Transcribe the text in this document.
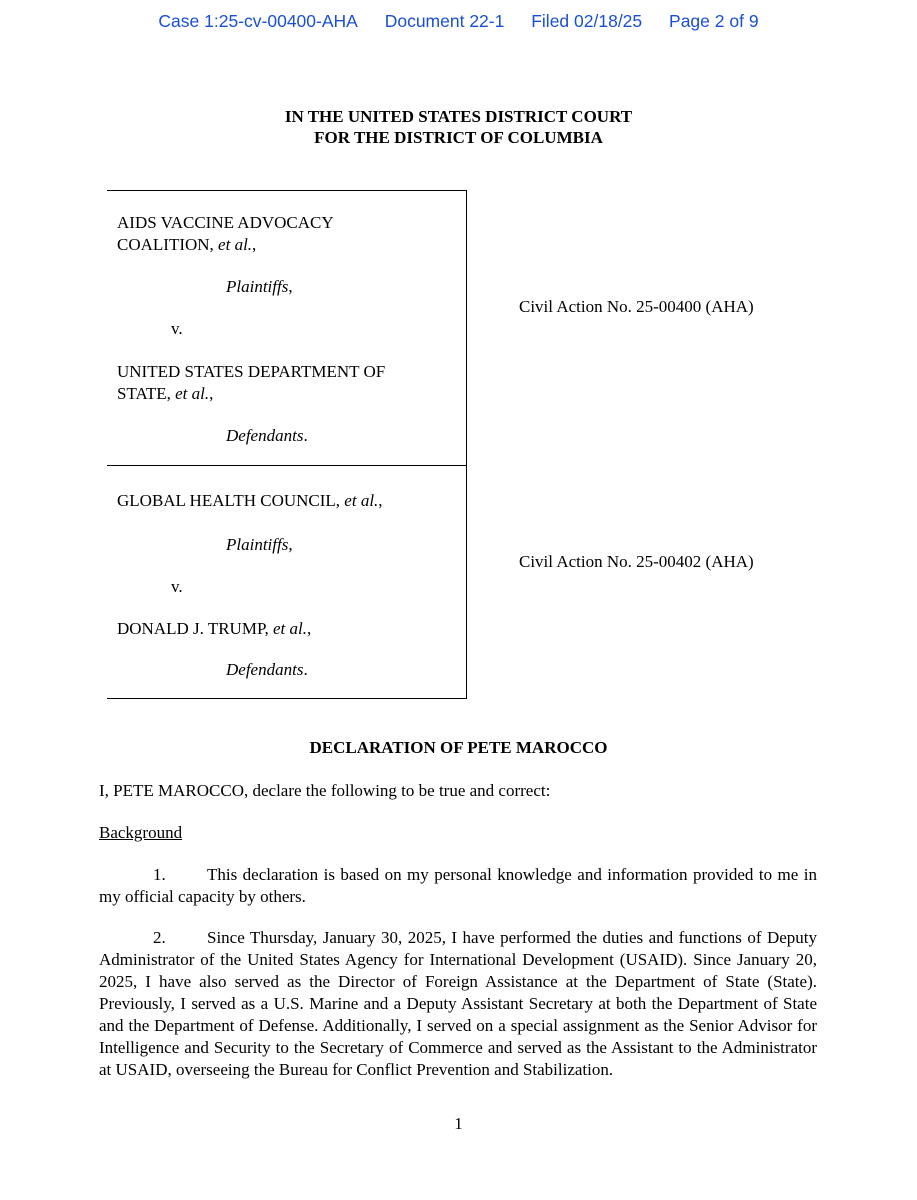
Case 1:25-cv-00400-AHA Document 22-1 Filed 02/18/25 Page 2 of 9
IN THE UNITED STATES DISTRICT COURT
FOR THE DISTRICT OF COLUMBIA
AIDS VACCINE ADVOCACY
COALITION, et al.,
Plaintiffs,
v.
UNITED STATES DEPARTMENT OF
STATE, et al.,
Defendants.
Civil Action No. 25-00400 (AHA)
GLOBAL HEALTH COUNCIL, et al.,
Plaintiffs,
v.
DONALD J. TRUMP, et al.,
Defendants.
Civil Action No. 25-00402 (AHA)
DECLARATION OF PETE MAROCCO
I, PETE MAROCCO, declare the following to be true and correct:
Background
1. This declaration is based on my personal knowledge and information provided to me in my official capacity by others.
2. Since Thursday, January 30, 2025, I have performed the duties and functions of Deputy Administrator of the United States Agency for International Development (USAID). Since January 20, 2025, I have also served as the Director of Foreign Assistance at the Department of State (State). Previously, I served as a U.S. Marine and a Deputy Assistant Secretary at both the Department of State and the Department of Defense. Additionally, I served on a special assignment as the Senior Advisor for Intelligence and Security to the Secretary of Commerce and served as the Assistant to the Administrator at USAID, overseeing the Bureau for Conflict Prevention and Stabilization.
1
